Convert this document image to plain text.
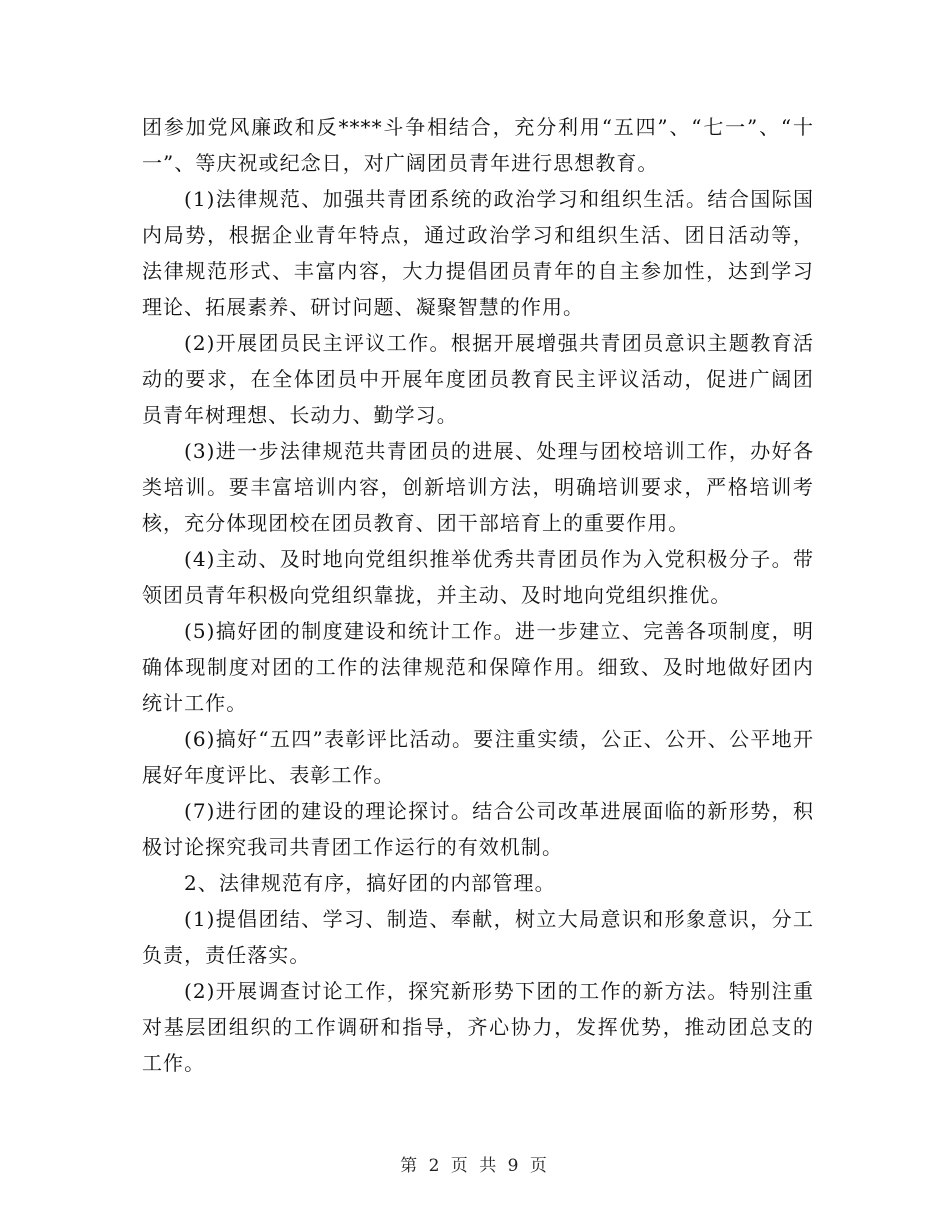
团参加党风廉政和反****斗争相结合，充分利用“五四”、“七一”、“十一”、等庆祝或纪念日，对广阔团员青年进行思想教育。

(1)法律规范、加强共青团系统的政治学习和组织生活。结合国际国内局势，根据企业青年特点，通过政治学习和组织生活、团日活动等，法律规范形式、丰富内容，大力提倡团员青年的自主参加性，达到学习理论、拓展素养、研讨问题、凝聚智慧的作用。

(2)开展团员民主评议工作。根据开展增强共青团员意识主题教育活动的要求，在全体团员中开展年度团员教育民主评议活动，促进广阔团员青年树理想、长动力、勤学习。

(3)进一步法律规范共青团员的进展、处理与团校培训工作，办好各类培训。要丰富培训内容，创新培训方法，明确培训要求，严格培训考核，充分体现团校在团员教育、团干部培育上的重要作用。

(4)主动、及时地向党组织推举优秀共青团员作为入党积极分子。带领团员青年积极向党组织靠拢，并主动、及时地向党组织推优。

(5)搞好团的制度建设和统计工作。进一步建立、完善各项制度，明确体现制度对团的工作的法律规范和保障作用。细致、及时地做好团内统计工作。

(6)搞好“五四”表彰评比活动。要注重实绩，公正、公开、公平地开展好年度评比、表彰工作。

(7)进行团的建设的理论探讨。结合公司改革进展面临的新形势，积极讨论探究我司共青团工作运行的有效机制。

2、法律规范有序，搞好团的内部管理。

(1)提倡团结、学习、制造、奉献，树立大局意识和形象意识，分工负责，责任落实。

(2)开展调查讨论工作，探究新形势下团的工作的新方法。特别注重对基层团组织的工作调研和指导，齐心协力，发挥优势，推动团总支的工作。

第 2 页 共 9 页
